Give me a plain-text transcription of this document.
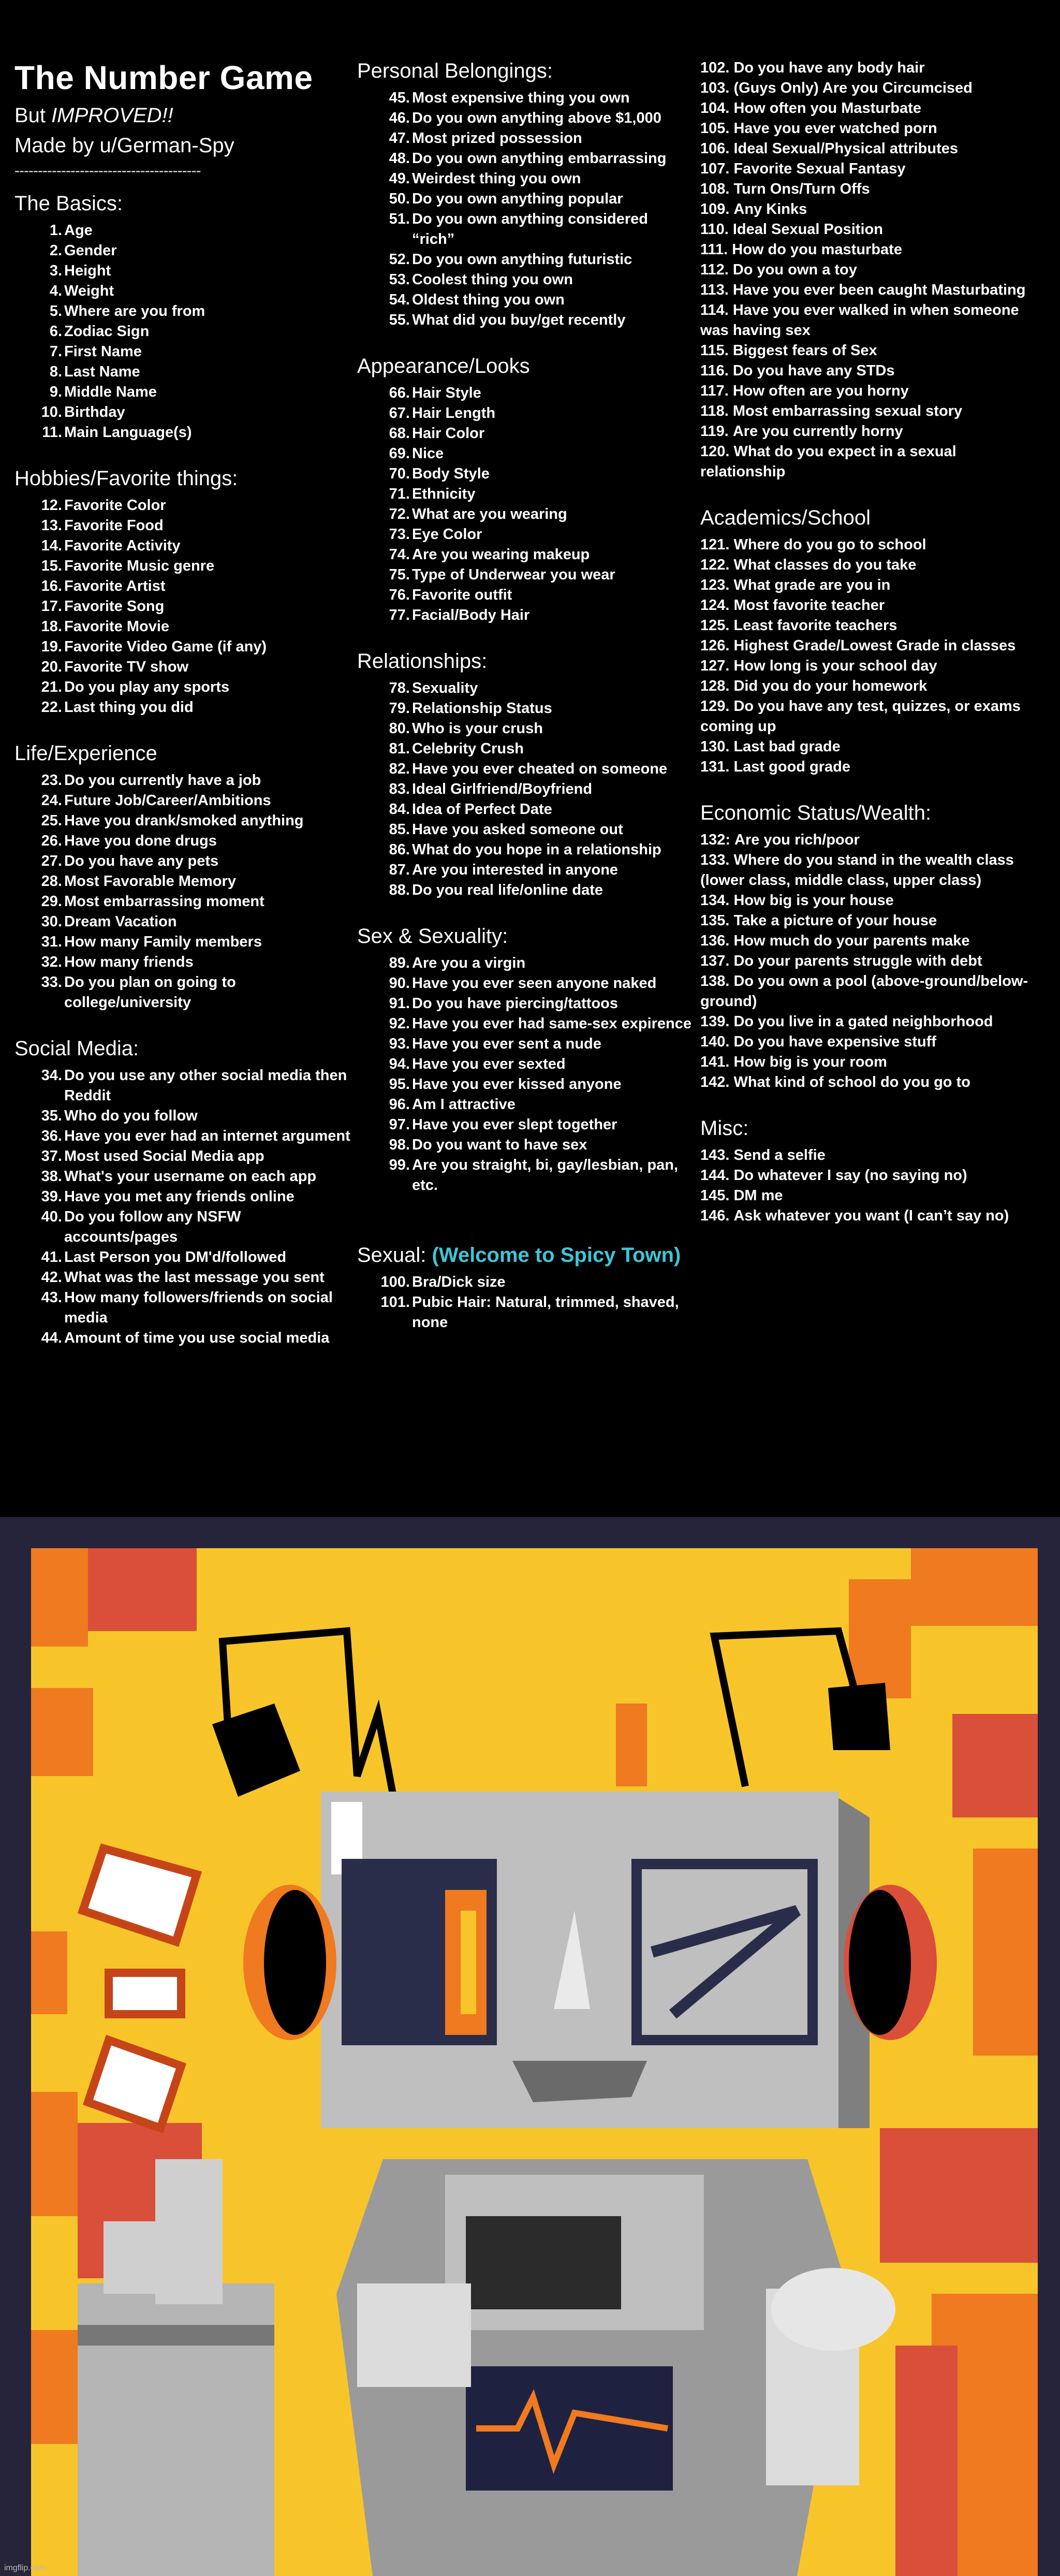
The Number Game
But IMPROVED!!
Made by u/German-Spy
----------------------------------------
The Basics:
1. Age
2. Gender
3. Height
4. Weight
5. Where are you from
6. Zodiac Sign
7. First Name
8. Last Name
9. Middle Name
10. Birthday
11. Main Language(s)
Hobbies/Favorite things:
12. Favorite Color
13. Favorite Food
14. Favorite Activity
15. Favorite Music genre
16. Favorite Artist
17. Favorite Song
18. Favorite Movie
19. Favorite Video Game (if any)
20. Favorite TV show
21. Do you play any sports
22. Last thing you did
Life/Experience
23. Do you currently have a job
24. Future Job/Career/Ambitions
25. Have you drank/smoked anything
26. Have you done drugs
27. Do you have any pets
28. Most Favorable Memory
29. Most embarrassing moment
30. Dream Vacation
31. How many Family members
32. How many friends
33. Do you plan on going to college/university
Social Media:
34. Do you use any other social media then Reddit
35. Who do you follow
36. Have you ever had an internet argument
37. Most used Social Media app
38. What's your username on each app
39. Have you met any friends online
40. Do you follow any NSFW accounts/pages
41. Last Person you DM'd/followed
42. What was the last message you sent
43. How many followers/friends on social media
44. Amount of time you use social media
Personal Belongings:
45. Most expensive thing you own
46. Do you own anything above $1,000
47. Most prized possession
48. Do you own anything embarrassing
49. Weirdest thing you own
50. Do you own anything popular
51. Do you own anything considered “rich”
52. Do you own anything futuristic
53. Coolest thing you own
54. Oldest thing you own
55. What did you buy/get recently
Appearance/Looks
66. Hair Style
67. Hair Length
68. Hair Color
69. Nice
70. Body Style
71. Ethnicity
72. What are you wearing
73. Eye Color
74. Are you wearing makeup
75. Type of Underwear you wear
76. Favorite outfit
77. Facial/Body Hair
Relationships:
78. Sexuality
79. Relationship Status
80. Who is your crush
81. Celebrity Crush
82. Have you ever cheated on someone
83. Ideal Girlfriend/Boyfriend
84. Idea of Perfect Date
85. Have you asked someone out
86. What do you hope in a relationship
87. Are you interested in anyone
88. Do you real life/online date
Sex & Sexuality:
89. Are you a virgin
90. Have you ever seen anyone naked
91. Do you have piercing/tattoos
92. Have you ever had same-sex expirence
93. Have you ever sent a nude
94. Have you ever sexted
95. Have you ever kissed anyone
96. Am I attractive
97. Have you ever slept together
98. Do you want to have sex
99. Are you straight, bi, gay/lesbian, pan, etc.
Sexual: (Welcome to Spicy Town)
100. Bra/Dick size
101. Pubic Hair: Natural, trimmed, shaved, none
102. Do you have any body hair
103. (Guys Only) Are you Circumcised
104. How often you Masturbate
105. Have you ever watched porn
106. Ideal Sexual/Physical attributes
107. Favorite Sexual Fantasy
108. Turn Ons/Turn Offs
109. Any Kinks
110. Ideal Sexual Position
111. How do you masturbate
112. Do you own a toy
113. Have you ever been caught Masturbating
114. Have you ever walked in when someone was having sex
115. Biggest fears of Sex
116. Do you have any STDs
117. How often are you horny
118. Most embarrassing sexual story
119. Are you currently horny
120. What do you expect in a sexual relationship
Academics/School
121. Where do you go to school
122. What classes do you take
123. What grade are you in
124. Most favorite teacher
125. Least favorite teachers
126. Highest Grade/Lowest Grade in classes
127. How long is your school day
128. Did you do your homework
129. Do you have any test, quizzes, or exams coming up
130. Last bad grade
131. Last good grade
Economic Status/Wealth:
132: Are you rich/poor
133. Where do you stand in the wealth class (lower class, middle class, upper class)
134. How big is your house
135. Take a picture of your house
136. How much do your parents make
137. Do your parents struggle with debt
138. Do you own a pool (above-ground/below-ground)
139. Do you live in a gated neighborhood
140. Do you have expensive stuff
141. How big is your room
142. What kind of school do you go to
Misc:
143. Send a selfie
144. Do whatever I say (no saying no)
145. DM me
146. Ask whatever you want (I can’t say no)
imgflip.com
